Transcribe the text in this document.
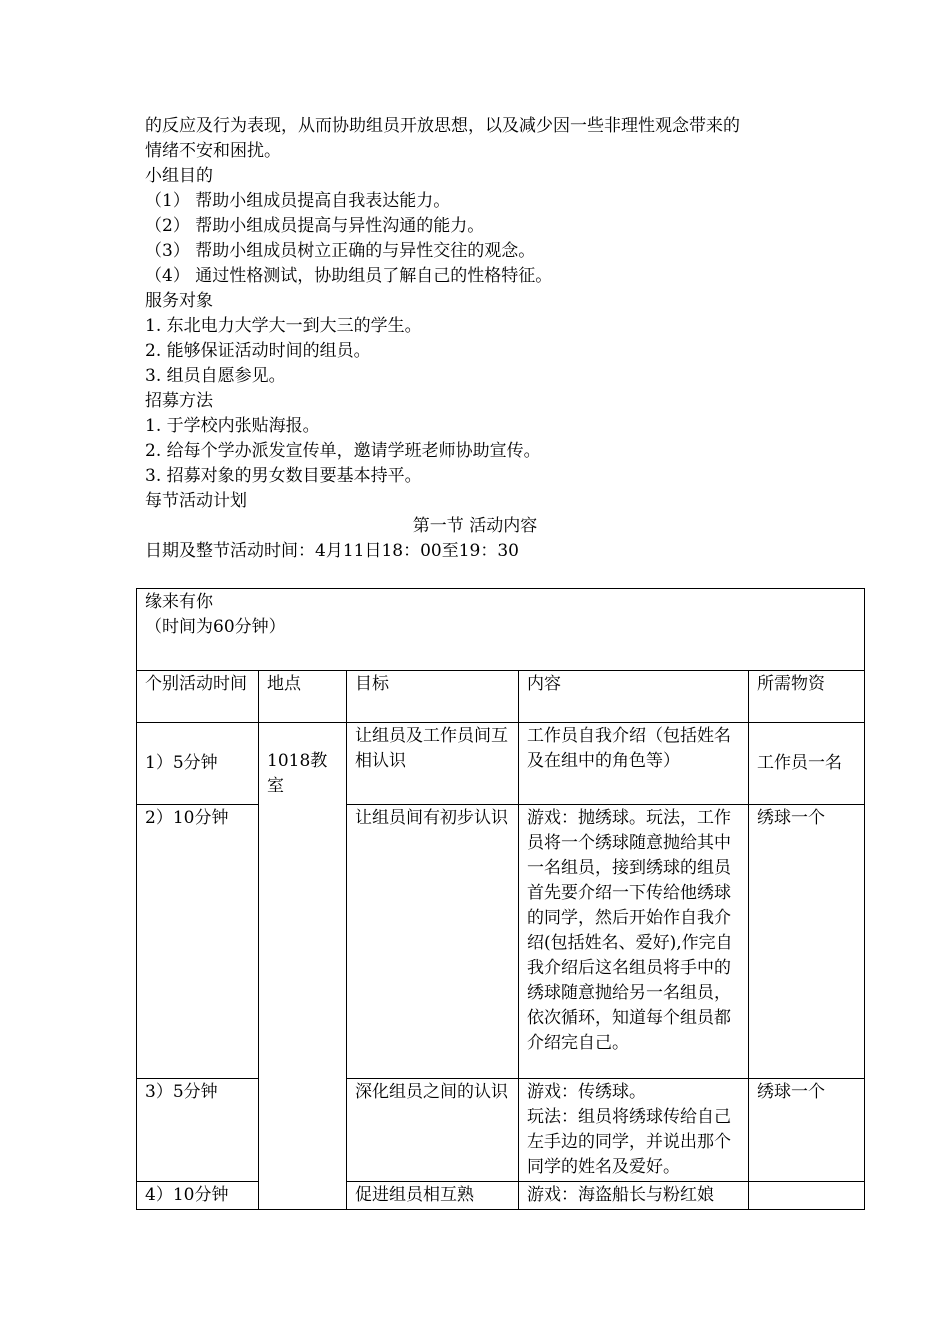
的反应及行为表现，从而协助组员开放思想，以及减少因一些非理性观念带来的
情绪不安和困扰。
小组目的
（1） 帮助小组成员提高自我表达能力。
（2） 帮助小组成员提高与异性沟通的能力。
（3） 帮助小组成员树立正确的与异性交往的观念。
（4） 通过性格测试，协助组员了解自己的性格特征。
服务对象
1. 东北电力大学大一到大三的学生。
2. 能够保证活动时间的组员。
3. 组员自愿参见。
招募方法
1. 于学校内张贴海报。
2. 给每个学办派发宣传单，邀请学班老师协助宣传。
3. 招募对象的男女数目要基本持平。
每节活动计划
第一节 活动内容
日期及整节活动时间：4月11日18：00至19：30
缘来有你
（时间为60分钟）				

个别活动时间	地点	目标	内容	所需物资
1）5分钟	1018教室	让组员及工作员间互相认识	工作员自我介绍（包括姓名及在组中的角色等）	工作员一名
2）10分钟		让组员间有初步认识	游戏：抛绣球。玩法，工作员将一个绣球随意抛给其中一名组员，接到绣球的组员首先要介绍一下传给他绣球的同学，然后开始作自我介绍(包括姓名、爱好),作完自我介绍后这名组员将手中的绣球随意抛给另一名组员，依次循环，知道每个组员都介绍完自己。	绣球一个
3）5分钟		深化组员之间的认识	游戏：传绣球。
玩法：组员将绣球传给自己左手边的同学，并说出那个同学的姓名及爱好。	绣球一个
4）10分钟		促进组员相互熟	游戏：海盗船长与粉红娘	
